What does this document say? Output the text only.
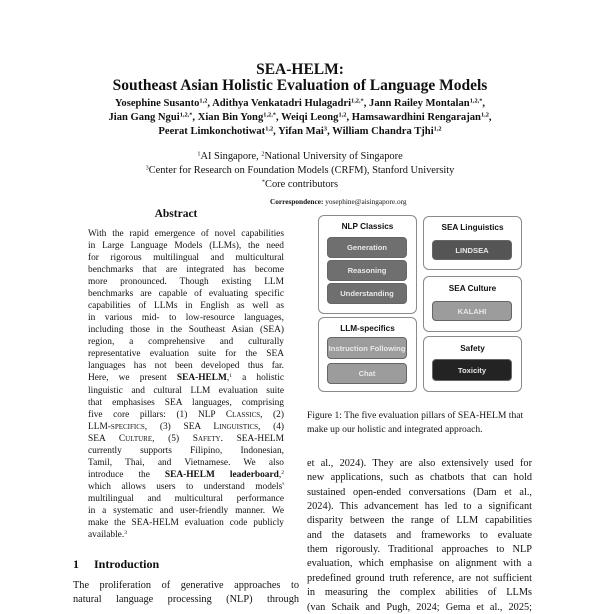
SEA-HELM:
Southeast Asian Holistic Evaluation of Language Models
Yosephine Susanto$^{1,2}$, Adithya Venkatadri Hulagadri$^{1,2,*}$, Jann Railey Montalan$^{1,2,*}$,
Jian Gang Ngui$^{1,2,*}$, Xian Bin Yong$^{1,2,*}$, Weiqi Leong$^{1,2}$, Hamsawardhini Rengarajan$^{1,2}$,
Peerat Limkonchotiwat$^{1,2}$, Yifan Mai$^3$, William Chandra Tjhi$^{1,2}$
$^1$AI Singapore, $^2$National University of Singapore
$^3$Center for Research on Foundation Models (CRFM), Stanford University
*Core contributors
Correspondence: yosephine@aisingapore.org
Abstract
With the rapid emergence of novel capabilities
in Large Language Models (LLMs), the need
for rigorous multilingual and multicultural
benchmarks that are integrated has become
more pronounced. Though existing LLM
benchmarks are capable of evaluating specific
capabilities of LLMs in English as well as
in various mid- to low-resource languages,
including those in the Southeast Asian (SEA)
region, a comprehensive and culturally
representative evaluation suite for the SEA
languages has not been developed thus far.
Here, we present SEA-HELM,$^1$ a holistic
linguistic and cultural LLM evaluation suite
that emphasises SEA languages, comprising
five core pillars: (1) NLP Classics, (2)
LLM-specifics, (3) SEA Linguistics, (4)
SEA Culture, (5) Safety. SEA-HELM
currently supports Filipino, Indonesian,
Tamil, Thai, and Vietnamese. We also
introduce the SEA-HELM leaderboard,$^2$
which allows users to understand models'
multilingual and multicultural performance
in a systematic and user-friendly manner. We
make the SEA-HELM evaluation code publicly
available.$^3$
1 Introduction
The proliferation of generative approaches to
natural language processing (NLP) through
NLP Classics
Generation
Reasoning
Understanding
SEA Linguistics
LINDSEA
SEA Culture
KALAHI
LLM-specifics
Instruction Following
Chat
Safety
Toxicity
Figure 1: The five evaluation pillars of SEA-HELM that
make up our holistic and integrated approach.
et al., 2024). They are also extensively used for
new applications, such as chatbots that can hold
sustained open-ended conversations (Dam et al.,
2024). This advancement has led to a significant
disparity between the range of LLM capabilities
and the datasets and frameworks to evaluate
them rigorously. Traditional approaches to NLP
evaluation, which emphasise on alignment with a
predefined ground truth reference, are not sufficient
in measuring the complex abilities of LLMs
(van Schaik and Pugh, 2024; Gema et al., 2025;
